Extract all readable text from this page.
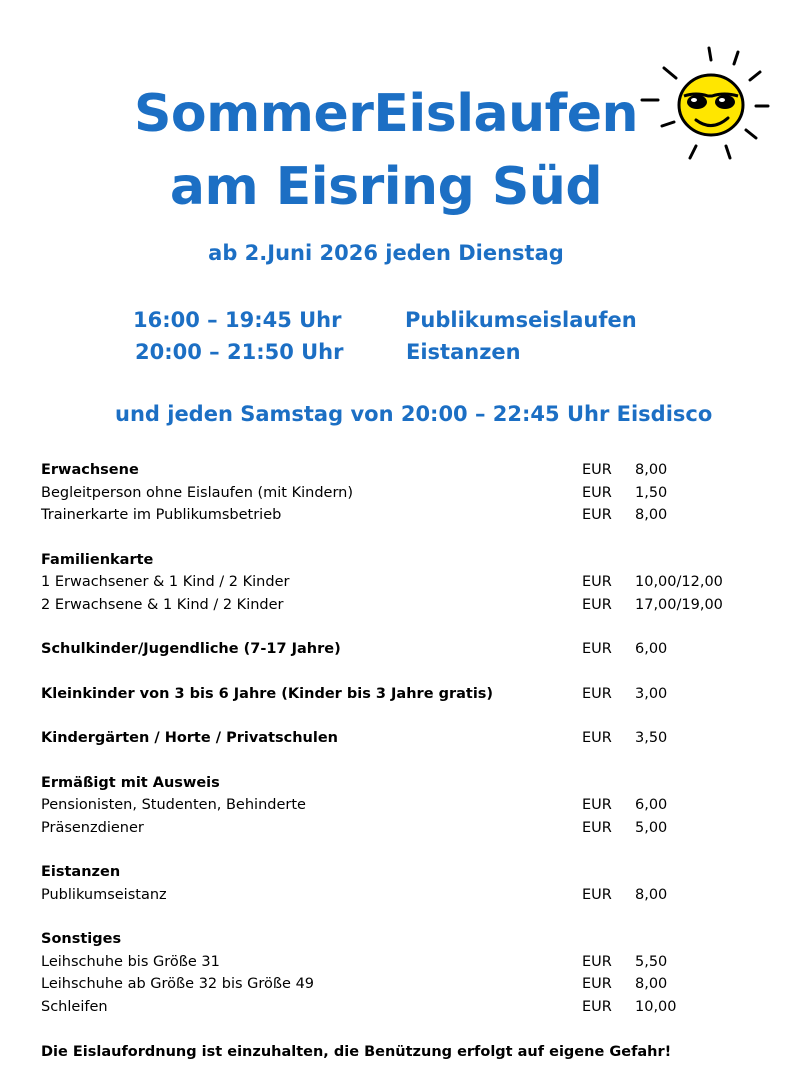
SommerEislaufen
am Eisring Süd
ab 2.Juni 2026 jeden Dienstag
16:00 – 19:45 Uhr	Publikumseislaufen
20:00 – 21:50 Uhr	Eistanzen
und jeden Samstag von 20:00 – 22:45 Uhr Eisdisco
Erwachsene	EUR 8,00
Begleitperson ohne Eislaufen (mit Kindern)	EUR 1,50
Trainerkarte im Publikumsbetrieb	EUR 8,00
Familienkarte
1 Erwachsener & 1 Kind / 2 Kinder	EUR 10,00/12,00
2 Erwachsene & 1 Kind / 2 Kinder	EUR 17,00/19,00
Schulkinder/Jugendliche (7-17 Jahre)	EUR 6,00
Kleinkinder von 3 bis 6 Jahre (Kinder bis 3 Jahre gratis)	EUR 3,00
Kindergärten / Horte / Privatschulen	EUR 3,50
Ermäßigt mit Ausweis
Pensionisten, Studenten, Behinderte	EUR 6,00
Präsenzdiener	EUR 5,00
Eistanzen
Publikumseistanz	EUR 8,00
Sonstiges
Leihschuhe bis Größe 31	EUR 5,50
Leihschuhe ab Größe 32 bis Größe 49	EUR 8,00
Schleifen	EUR 10,00
Die Eislaufordnung ist einzuhalten, die Benützung erfolgt auf eigene Gefahr!
